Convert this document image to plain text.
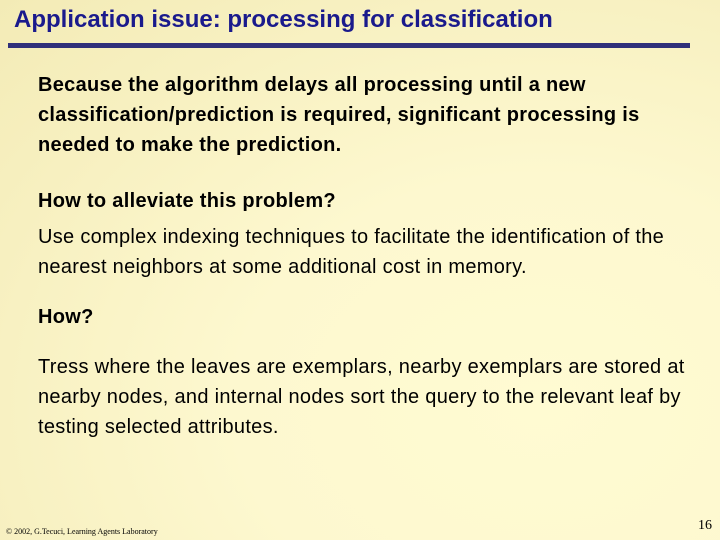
Application issue: processing for classification

Because the algorithm delays all processing until a new classification/prediction is required, significant processing is needed to make the prediction.

How to alleviate this problem?

Use complex indexing techniques to facilitate the identification of the nearest neighbors at some additional cost in memory.

How?

Tress where the leaves are exemplars, nearby exemplars are stored at nearby nodes, and internal nodes sort the query to the relevant leaf by testing selected attributes.

© 2002, G.Tecuci, Learning Agents Laboratory	16
